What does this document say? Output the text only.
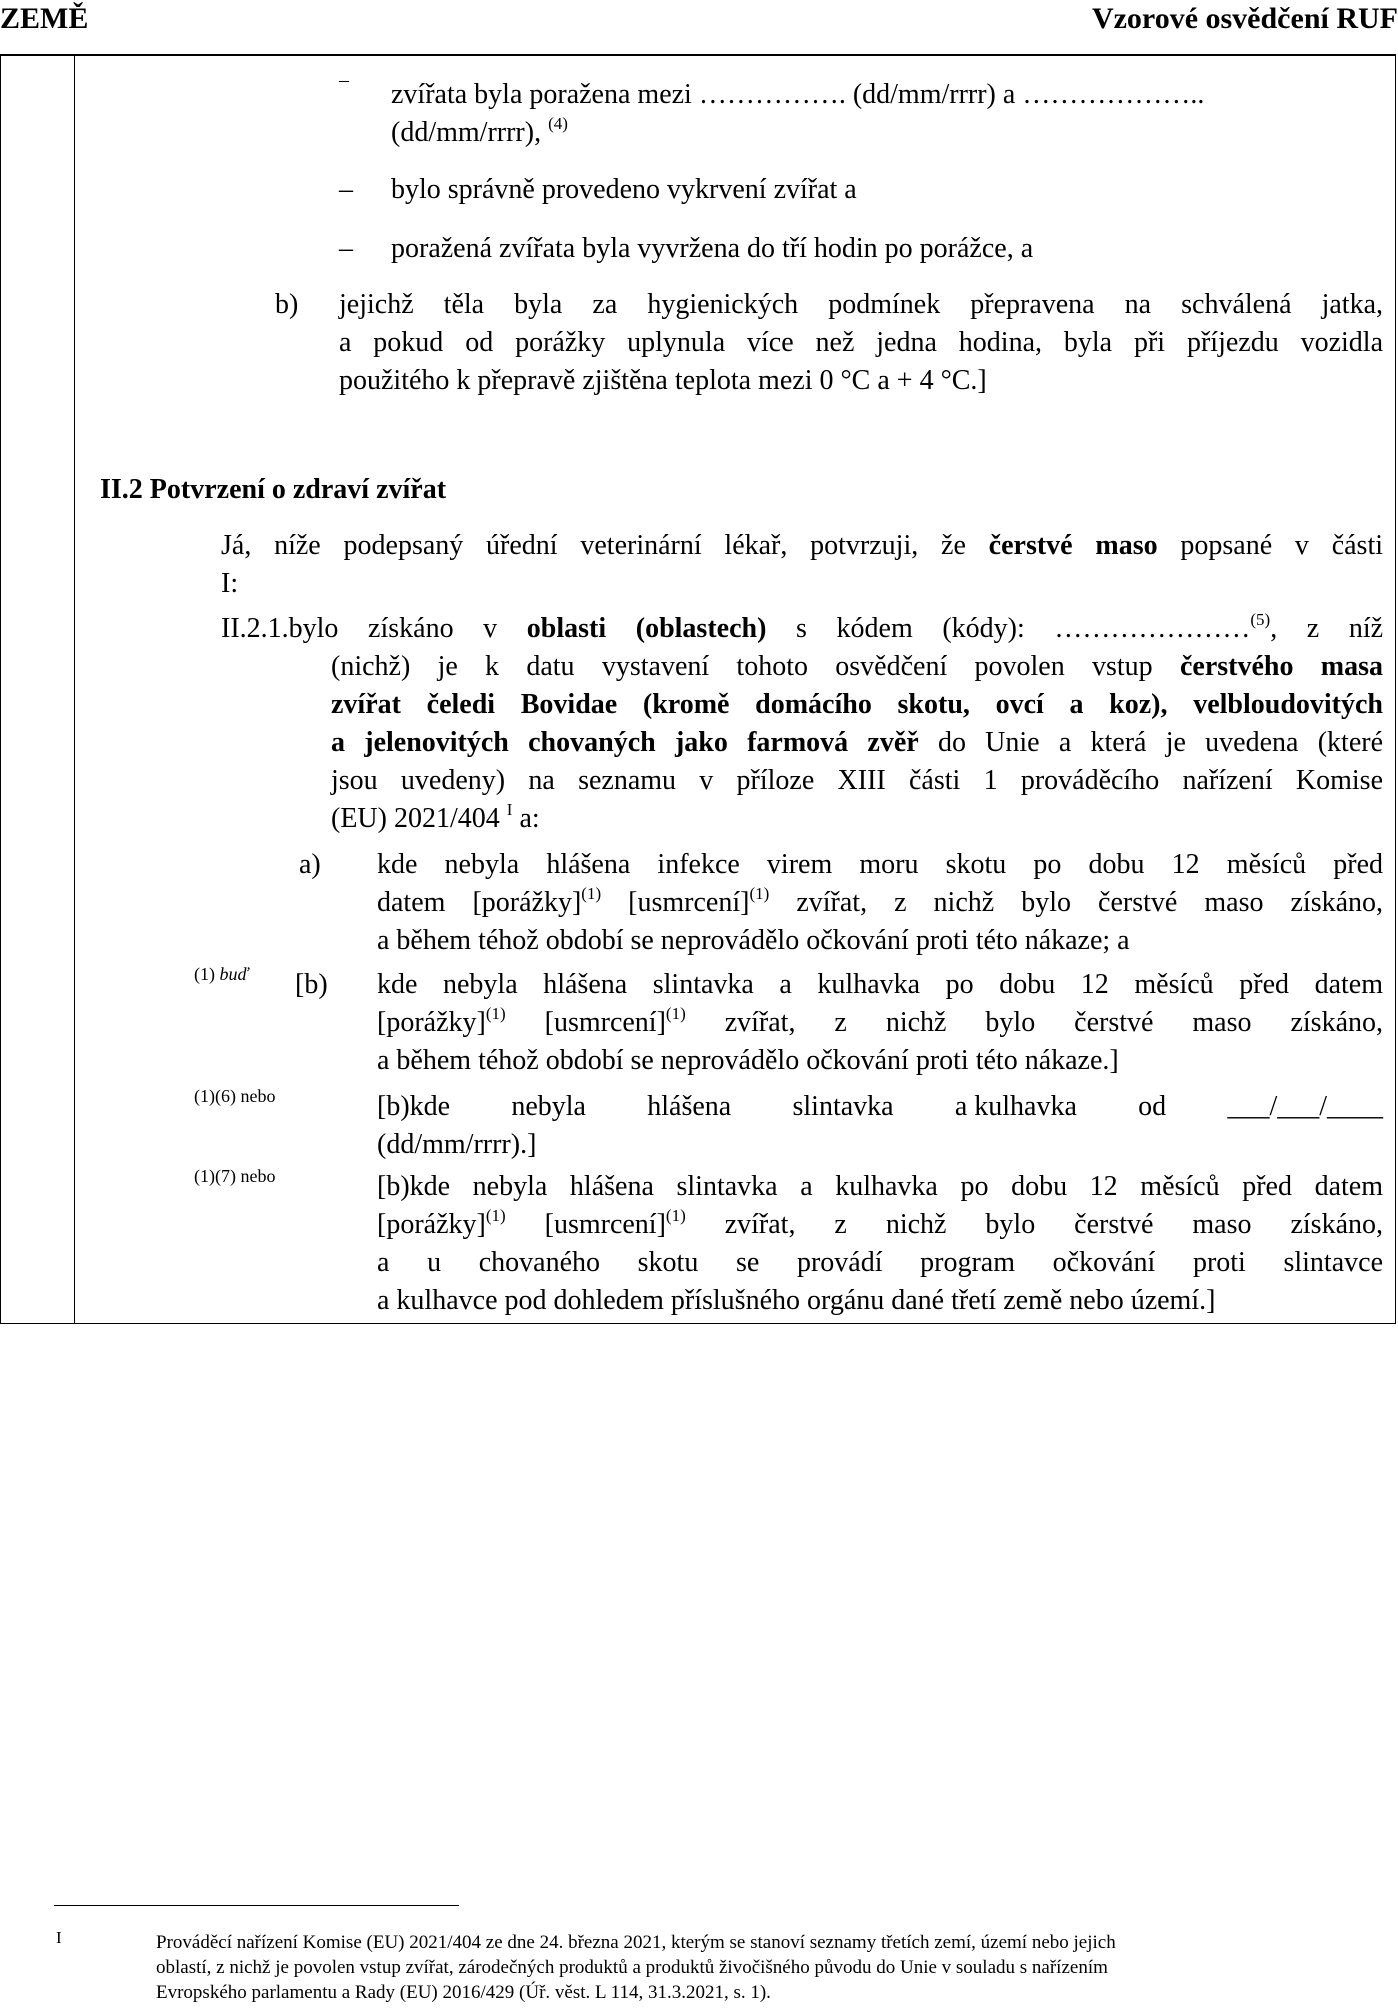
ZEMĚ	Vzorové osvědčení RUF
– zvířata byla poražena mezi ……………. (dd/mm/rrrr) a ………………..
(dd/mm/rrrr), $^{(4)}$
– bylo správně provedeno vykrvení zvířat a
– poražená zvířata byla vyvržena do tří hodin po porážce, a
b) jejichž těla byla za hygienických podmínek přepravena na schválená jatka,
a pokud od porážky uplynula více než jedna hodina, byla při příjezdu vozidla
použitého k přepravě zjištěna teplota mezi 0 °C a + 4 °C.]
II.2 Potvrzení o zdraví zvířat
Já, níže podepsaný úřední veterinární lékař, potvrzuji, že čerstvé maso popsané v části
I:
II.2.1.bylo získáno v oblasti (oblastech) s kódem (kódy): …………………$^{(5)}$, z níž
(nichž) je k datu vystavení tohoto osvědčení povolen vstup čerstvého masa
zvířat čeledi Bovidae (kromě domácího skotu, ovcí a koz), velbloudovitých
a jelenovitých chovaných jako farmová zvěř do Unie a která je uvedena (které
jsou uvedeny) na seznamu v příloze XIII části 1 prováděcího nařízení Komise
(EU) 2021/404 $^I$ a:
a) kde nebyla hlášena infekce virem moru skotu po dobu 12 měsíců před
datem [porážky]$^{(1)}$ [usmrcení]$^{(1)}$ zvířat, z nichž bylo čerstvé maso získáno,
a během téhož období se neprovádělo očkování proti této nákaze; a
(1) buď [b) kde nebyla hlášena slintavka a kulhavka po dobu 12 měsíců před datem
[porážky]$^{(1)}$ [usmrcení]$^{(1)}$ zvířat, z nichž bylo čerstvé maso získáno,
a během téhož období se neprovádělo očkování proti této nákaze.]
(1)(6) nebo	[b)kde nebyla hlášena slintavka a kulhavka od ___/___/____
(dd/mm/rrrr).]
(1)(7) nebo	[b)kde nebyla hlášena slintavka a kulhavka po dobu 12 měsíců před datem
[porážky]$^{(1)}$ [usmrcení]$^{(1)}$ zvířat, z nichž bylo čerstvé maso získáno,
a u chovaného skotu se provádí program očkování proti slintavce
a kulhavce pod dohledem příslušného orgánu dané třetí země nebo území.]
I	Prováděcí nařízení Komise (EU) 2021/404 ze dne 24. března 2021, kterým se stanoví seznamy třetích zemí, území nebo jejich
oblastí, z nichž je povolen vstup zvířat, zárodečných produktů a produktů živočišného původu do Unie v souladu s nařízením
Evropského parlamentu a Rady (EU) 2016/429 (Úř. věst. L 114, 31.3.2021, s. 1).
